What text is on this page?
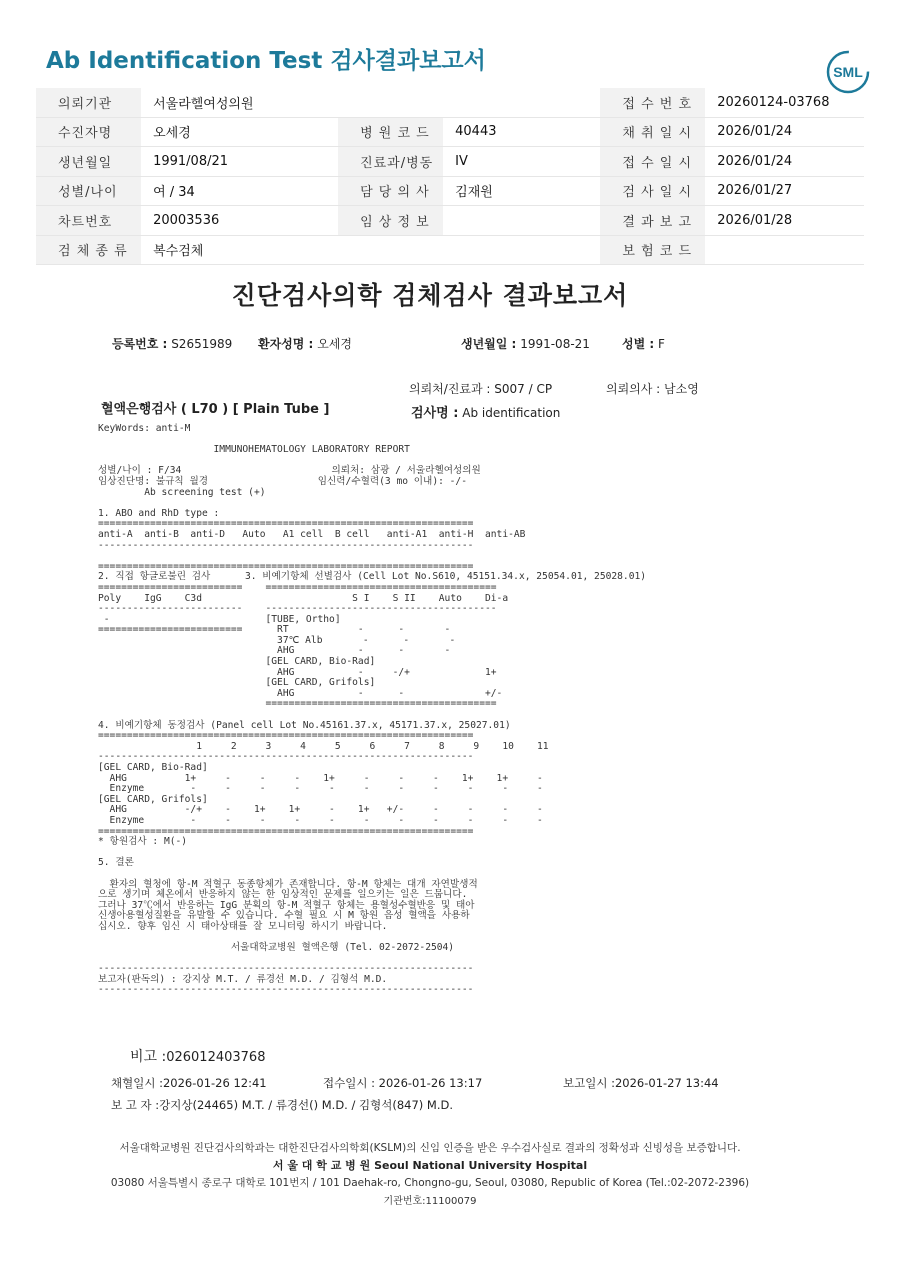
Ab Identification Test 검사결과보고서

	SML

의뢰기관	서울라헬여성의원			접 수 번 호	20260124-03768
수진자명	오세경	병 원 코 드	40443	채 취 일 시	2026/01/24
생년월일	1991/08/21	진료과/병동	IV	접 수 일 시	2026/01/24
성별/나이	여 / 34	담 당 의 사	김재원	검 사 일 시	2026/01/27
차트번호	20003536	임 상 정 보		결 과 보 고	2026/01/28
검 체 종 류	복수검체			보 험 코 드	
진단검사의학 검체검사 결과보고서
등록번호 : S2651989 환자성명 : 오세경	생년월일 : 1991-08-21	성별 : F
의뢰처/진료과 : S007 / CP	의뢰의사 : 남소영
혈액은행검사 ( L70 ) [ Plain Tube ]	검사명 : Ab identification
KeyWords: anti-M

IMMUNOHEMATOLOGY LABORATORY REPORT

성별/나이 : F/34                          의뢰처: 삼광 / 서울라헬여성의원
임상진단명: 불규칙 월경                   임신력/수혈력(3 mo 이내): -/-
Ab screening test (+)

1. ABO and RhD type :
=================================================================
anti-A  anti-B  anti-D   Auto   A1 cell  B cell   anti-A1  anti-H  anti-AB
-----------------------------------------------------------------

=================================================================
2. 직접 항글로불린 검사      3. 비예기항체 선별검사 (Cell Lot No.S610, 45151.34.x, 25054.01, 25028.01)
=========================    ========================================
Poly    IgG    C3d                          S I    S II    Auto    Di-a
-------------------------    ----------------------------------------
-                           [TUBE, Ortho]
=========================      RT            -      -       -
37℃ Alb       -      -       -
AHG           -      -       -
[GEL CARD, Bio-Rad]
AHG           -     -/+             1+
[GEL CARD, Grifols]
AHG           -      -              +/-
========================================

4. 비예기항체 동정검사 (Panel cell Lot No.45161.37.x, 45171.37.x, 25027.01)
=================================================================
1     2     3     4     5     6     7     8     9    10    11
-----------------------------------------------------------------
[GEL CARD, Bio-Rad]
AHG          1+     -     -     -    1+     -     -     -    1+    1+     -
Enzyme        -     -     -     -     -     -     -     -     -     -     -
[GEL CARD, Grifols]
AHG          -/+    -    1+    1+     -    1+   +/-     -     -     -     -
Enzyme        -     -     -     -     -     -     -     -     -     -     -
=================================================================
* 항원검사 : M(-)

5. 결론

환자의 혈청에 항-M 적혈구 동종항체가 존재합니다. 항-M 항체는 대개 자연발생적
으로 생기며 체온에서 반응하지 않는 한 임상적인 문제를 일으키는 일은 드뭅니다.
그러나 37℃에서 반응하는 IgG 분획의 항-M 적혈구 항체는 용혈성수혈반응 및 태아
신생아용혈성질환을 유발할 수 있습니다. 수혈 필요 시 M 항원 음성 혈액을 사용하
십시오. 향후 임신 시 태아상태를 잘 모니터링 하시기 바랍니다.

서울대학교병원 혈액은행 (Tel. 02-2072-2504)

-----------------------------------------------------------------
보고자(판독의) : 강지상 M.T. / 류경선 M.D. / 김형석 M.D.
-----------------------------------------------------------------
비고 :026012403768
채혈일시 :2026-01-26 12:41	접수일시 : 2026-01-26 13:17	보고일시 :2026-01-27 13:44
보 고 자 :강지상(24465) M.T. / 류경선() M.D. / 김형석(847) M.D.
서울대학교병원 진단검사의학과는 대한진단검사의학회(KSLM)의 신임 인증을 받은 우수검사실로 결과의 정확성과 신빙성을 보증합니다.
서 울 대 학 교 병 원 Seoul National University Hospital
03080 서울특별시 종로구 대학로 101번지 / 101 Daehak-ro, Chongno-gu, Seoul, 03080, Republic of Korea (Tel.:02-2072-2396)
기관번호:11100079
